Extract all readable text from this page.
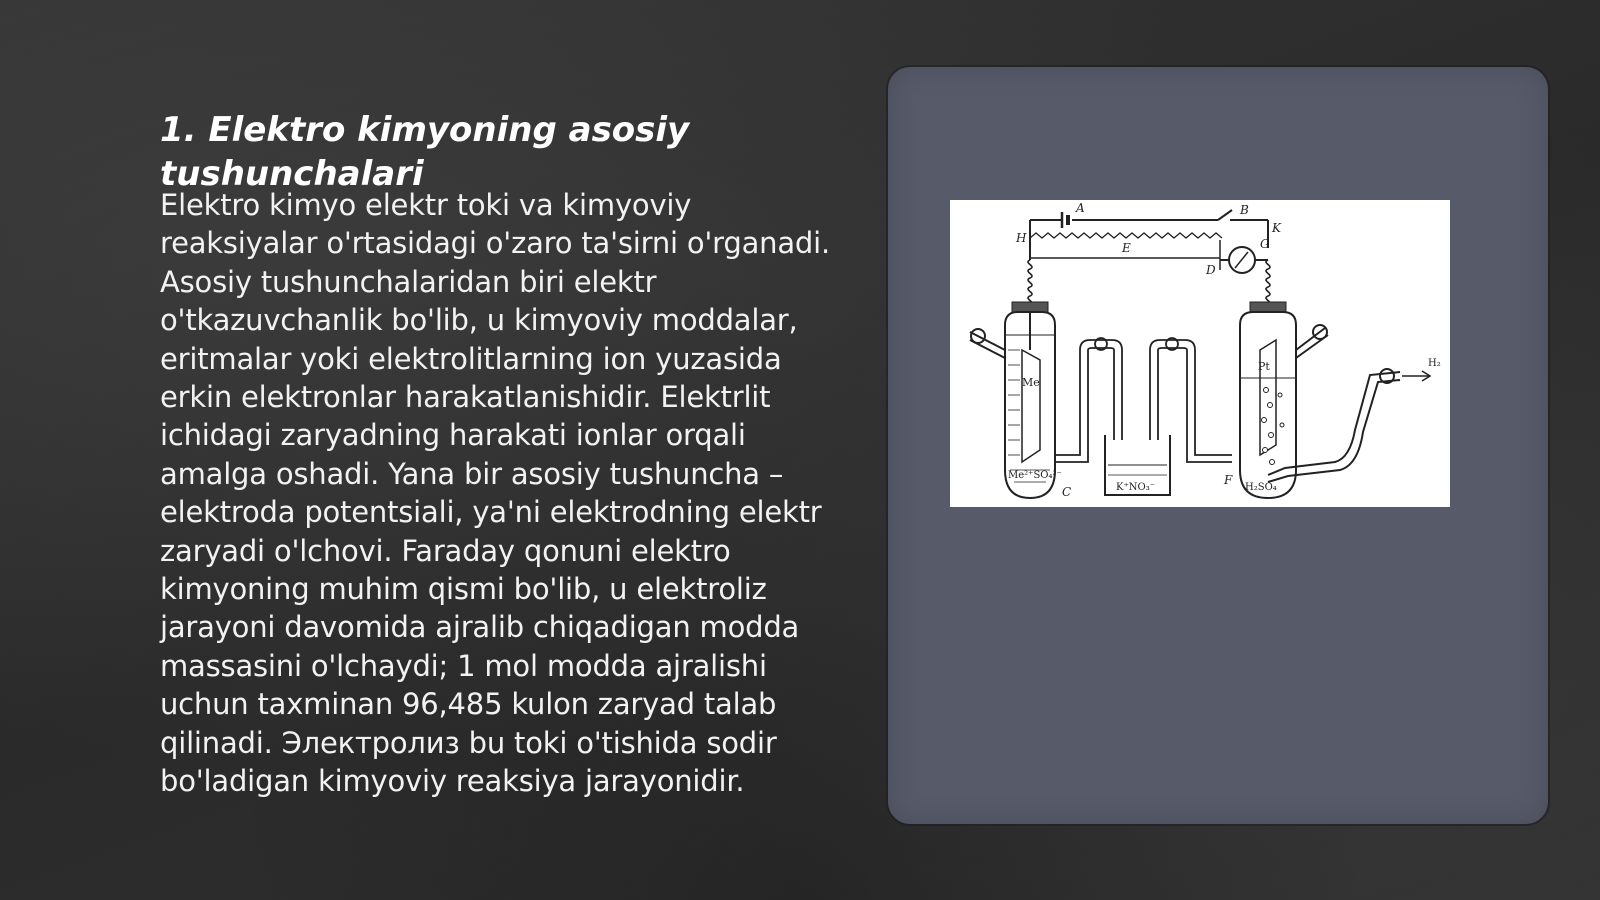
1. Elektro kimyoning asosiy tushunchalari

Elektro kimyo elektr toki va kimyoviy reaksiyalar o'rtasidagi o'zaro ta'sirni o'rganadi. Asosiy tushunchalaridan biri elektr o'tkazuvchanlik bo'lib, u kimyoviy moddalar, eritmalar yoki elektrolitlarning ion yuzasida erkin elektronlar harakatlanishidir. Elektrlit ichidagi zaryadning harakati ionlar orqali amalga oshadi. Yana bir asosiy tushuncha – elektroda potentsiali, ya'ni elektrodning elektr zaryadi o'lchovi. Faraday qonuni elektro kimyoning muhim qismi bo'lib, u elektroliz jarayoni davomida ajralib chiqadigan modda massasini o'lchaydi; 1 mol modda ajralishi uchun taxminan 96,485 kulon zaryad talab qilinadi. Электролиз bu toki o'tishida sodir bo'ladigan kimyoviy reaksiya jarayonidir.

A	B
H
K
E
D
G
C
F
Me
Pt
Me²⁺SO₄²⁻
K⁺NO₃⁻	H₂SO₄
H₂
